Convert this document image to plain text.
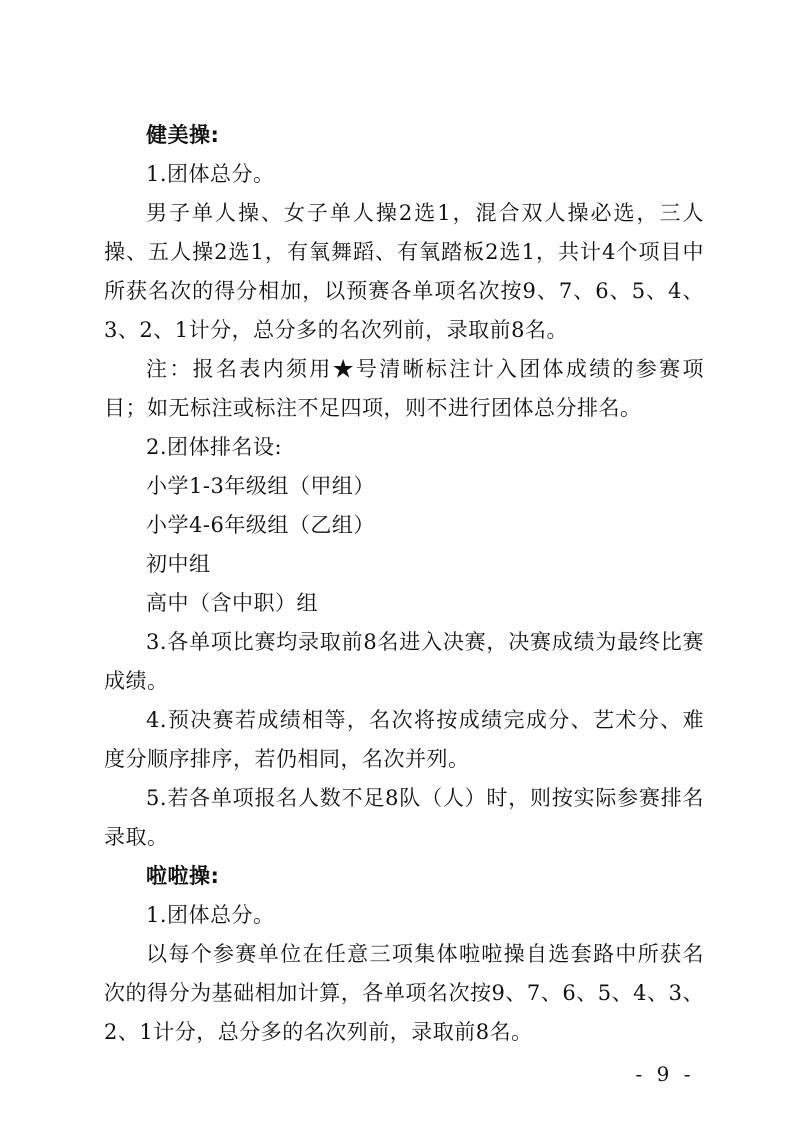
健美操:

1.团体总分。

男子单人操、女子单人操2选1，混合双人操必选，三人操、五人操2选1，有氧舞蹈、有氧踏板2选1，共计4个项目中所获名次的得分相加，以预赛各单项名次按9、7、6、5、4、3、2、1计分，总分多的名次列前，录取前8名。

注：报名表内须用★号清晰标注计入团体成绩的参赛项目；如无标注或标注不足四项，则不进行团体总分排名。

2.团体排名设:

小学1-3年级组（甲组）

小学4-6年级组（乙组）

初中组

高中（含中职）组

3.各单项比赛均录取前8名进入决赛，决赛成绩为最终比赛成绩。

4.预决赛若成绩相等，名次将按成绩完成分、艺术分、难度分顺序排序，若仍相同，名次并列。

5.若各单项报名人数不足8队（人）时，则按实际参赛排名录取。

啦啦操:

1.团体总分。

以每个参赛单位在任意三项集体啦啦操自选套路中所获名次的得分为基础相加计算，各单项名次按9、7、6、5、4、3、2、1计分，总分多的名次列前，录取前8名。

- 9 -
